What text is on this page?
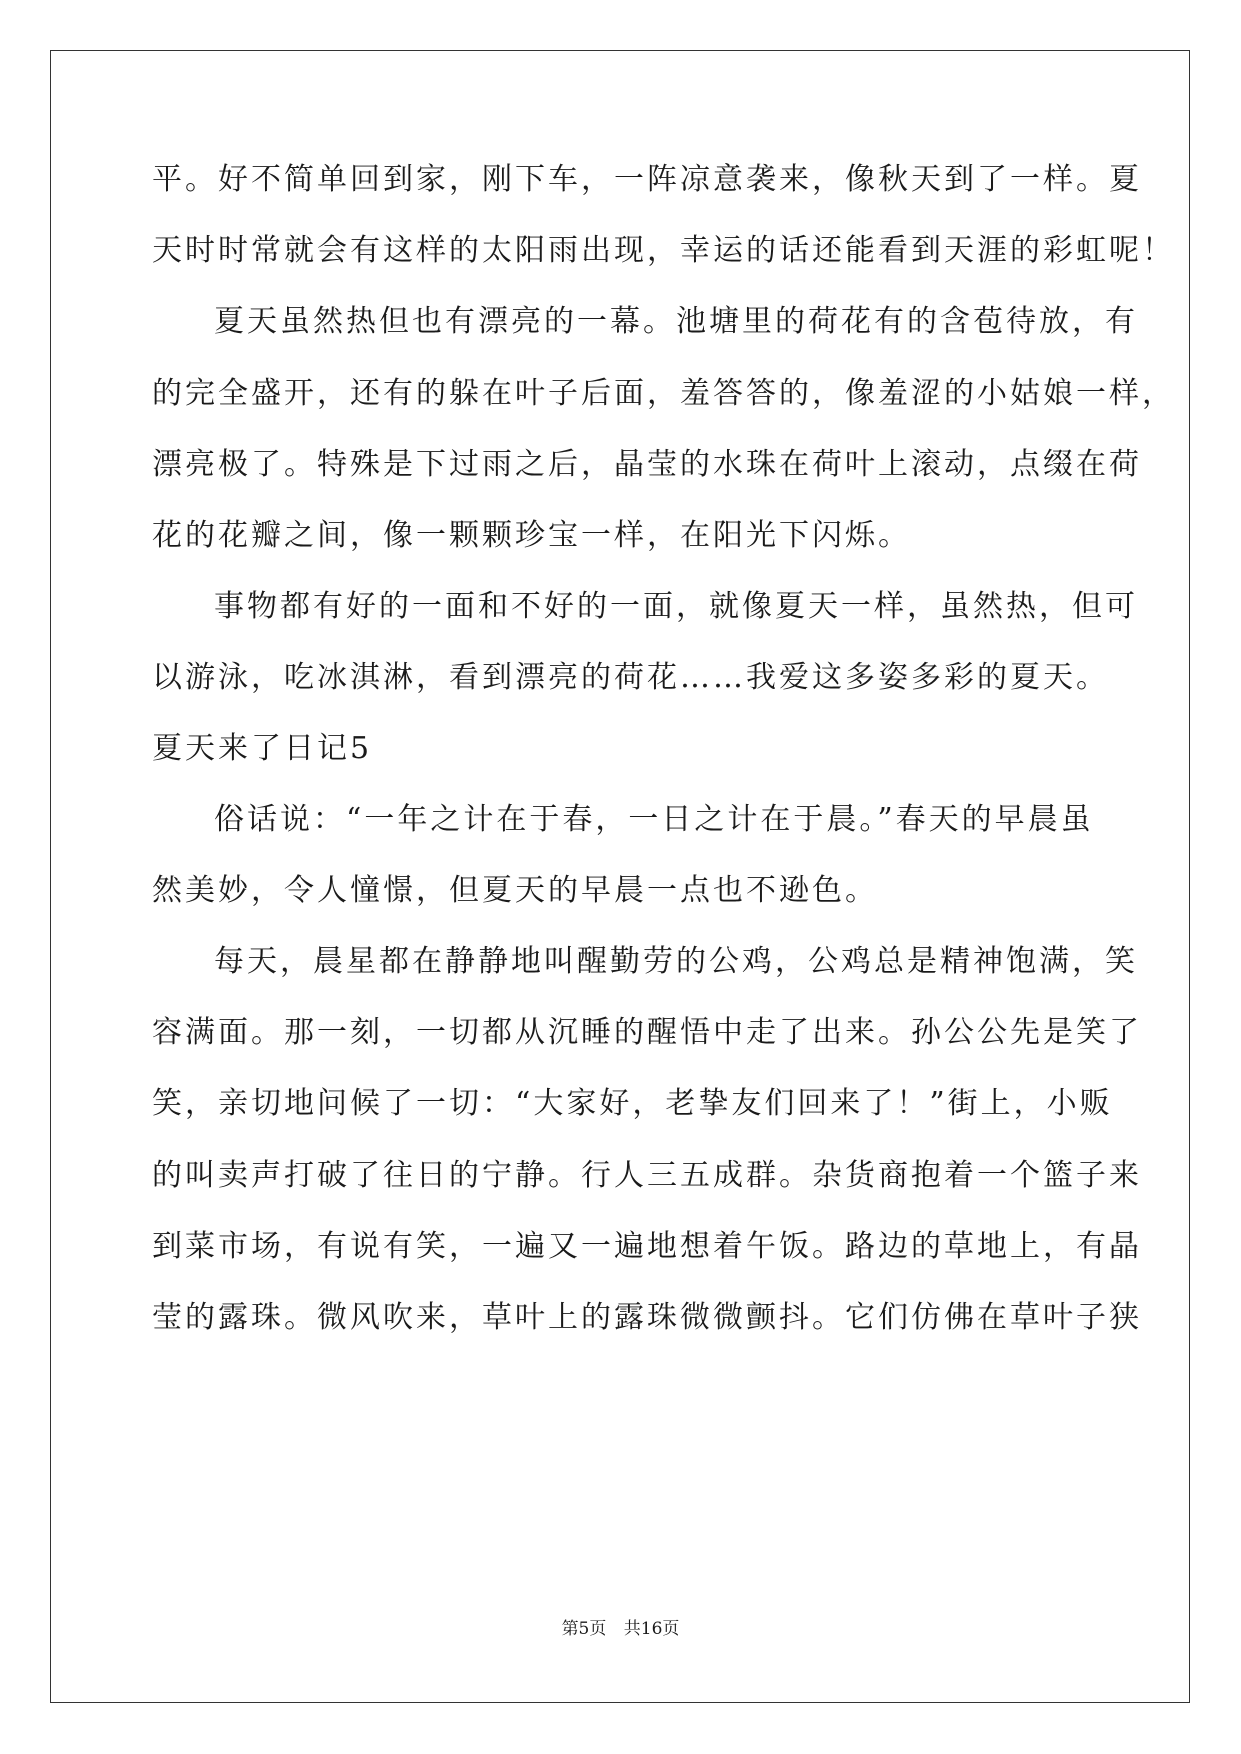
平。好不简单回到家，刚下车，一阵凉意袭来，像秋天到了一样。夏
天时时常就会有这样的太阳雨出现，幸运的话还能看到天涯的彩虹呢！
夏天虽然热但也有漂亮的一幕。池塘里的荷花有的含苞待放，有
的完全盛开，还有的躲在叶子后面，羞答答的，像羞涩的小姑娘一样，
漂亮极了。特殊是下过雨之后，晶莹的水珠在荷叶上滚动，点缀在荷
花的花瓣之间，像一颗颗珍宝一样，在阳光下闪烁。
事物都有好的一面和不好的一面，就像夏天一样，虽然热，但可
以游泳，吃冰淇淋，看到漂亮的荷花……我爱这多姿多彩的夏天。
夏天来了日记5
俗话说：“一年之计在于春，一日之计在于晨。”春天的早晨虽
然美妙，令人憧憬，但夏天的早晨一点也不逊色。
每天，晨星都在静静地叫醒勤劳的公鸡，公鸡总是精神饱满，笑
容满面。那一刻，一切都从沉睡的醒悟中走了出来。孙公公先是笑了
笑，亲切地问候了一切：“大家好，老挚友们回来了！”街上，小贩
的叫卖声打破了往日的宁静。行人三五成群。杂货商抱着一个篮子来
到菜市场，有说有笑，一遍又一遍地想着午饭。路边的草地上，有晶
莹的露珠。微风吹来，草叶上的露珠微微颤抖。它们仿佛在草叶子狭
第5页 共16页
